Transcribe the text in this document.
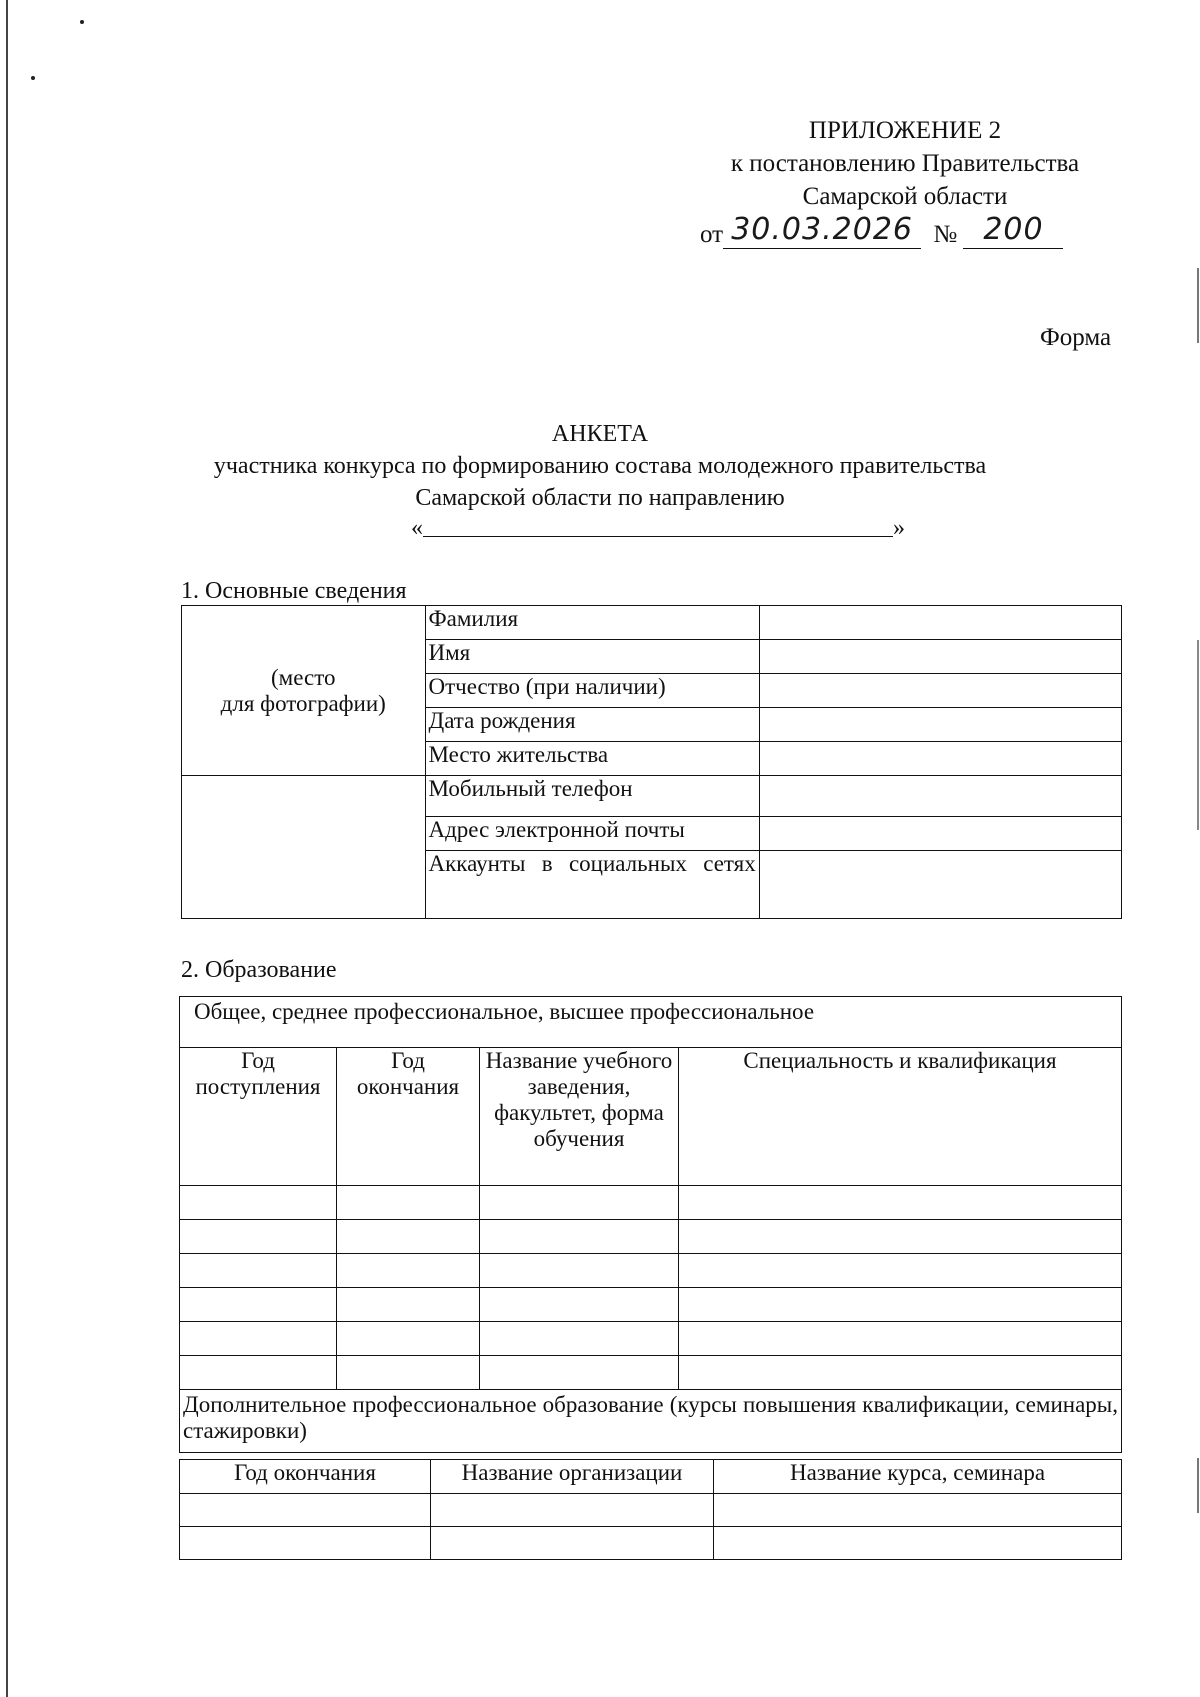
ПРИЛОЖЕНИЕ 2
к постановлению Правительства
Самарской области
от 30.03.2026 № 200
Форма
АНКЕТА
участника конкурса по формированию состава молодежного правительства
Самарской области по направлению
«	»
1. Основные сведения
(место
для фотографии)	Фамилия	
	Имя	
	Отчество (при наличии)	
	Дата рождения	
	Место жительства	
	Мобильный телефон	
	Адрес электронной почты	
	Аккаунты в социальных сетях	
2. Образование
Общее, среднее профессиональное, высшее профессиональное			
Год поступления	Год окончания	Название учебного заведения, факультет, форма обучения	Специальность и квалификация

Дополнительное профессиональное образование (курсы повышения квалификации, семинары, стажировки)			
Год окончания	Название организации	Название курса, семинара
